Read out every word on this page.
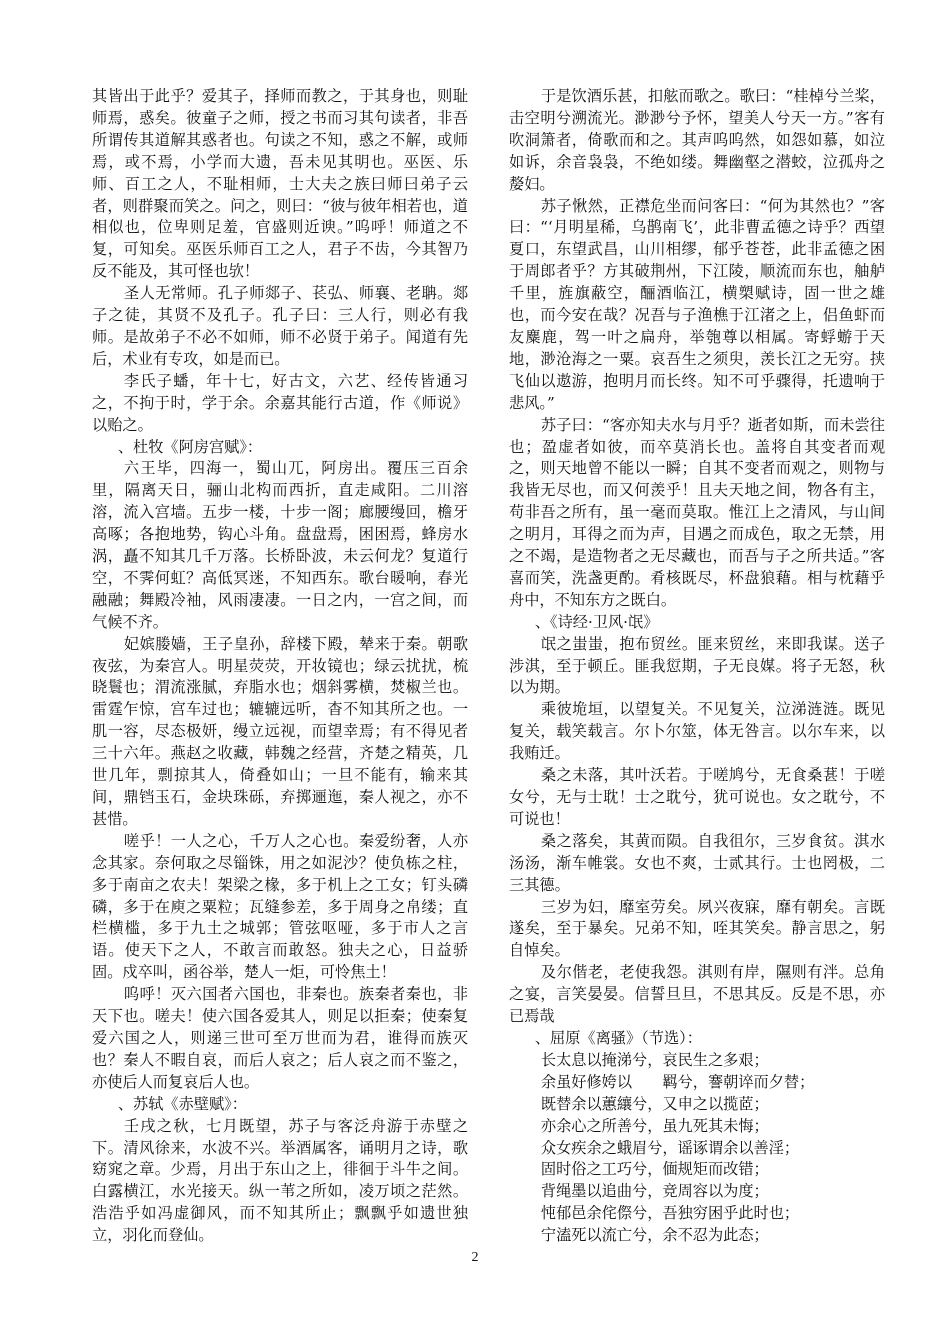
其皆出于此乎？爱其子，择师而教之，于其身也，则耻师焉，惑矣。彼童子之师，授之书而习其句读者，非吾所谓传其道解其惑者也。句读之不知，惑之不解，或师焉，或不焉，小学而大遗，吾未见其明也。巫医、乐师、百工之人，不耻相师，士大夫之族曰师曰弟子云者，则群聚而笑之。问之，则曰：“彼与彼年相若也，道相似也，位卑则足羞，官盛则近谀。”呜呼！师道之不复，可知矣。巫医乐师百工之人，君子不齿，今其智乃反不能及，其可怪也欤！

圣人无常师。孔子师郯子、苌弘、师襄、老聃。郯子之徒，其贤不及孔子。孔子曰：三人行，则必有我师。是故弟子不必不如师，师不必贤于弟子。闻道有先后，术业有专攻，如是而已。

李氏子蟠，年十七，好古文，六艺、经传皆通习之，不拘于时，学于余。余嘉其能行古道，作《师说》以贻之。

、杜牧《阿房宫赋》：

六王毕，四海一，蜀山兀，阿房出。覆压三百余里，隔离天日，骊山北构而西折，直走咸阳。二川溶溶，流入宫墙。五步一楼，十步一阁；廊腰缦回，檐牙高啄；各抱地势，钩心斗角。盘盘焉，困困焉，蜂房水涡，矗不知其几千万落。长桥卧波，未云何龙？复道行空，不霁何虹？高低冥迷，不知西东。歌台暖响，春光融融；舞殿冷袖，风雨凄凄。一日之内，一宫之间，而气候不齐。

妃嫔媵嫱，王子皇孙，辞楼下殿，辇来于秦。朝歌夜弦，为秦宫人。明星荧荧，开妆镜也；绿云扰扰，梳晓鬟也；渭流涨腻，弃脂水也；烟斜雾横，焚椒兰也。雷霆乍惊，宫车过也；辘辘远听，杳不知其所之也。一肌一容，尽态极妍，缦立远视，而望幸焉；有不得见者三十六年。燕赵之收藏，韩魏之经营，齐楚之精英，几世几年，剽掠其人，倚叠如山；一旦不能有，输来其间，鼎铛玉石，金块珠砾，弃掷逦迤，秦人视之，亦不甚惜。

嗟乎！一人之心，千万人之心也。秦爱纷奢，人亦念其家。奈何取之尽锱铢，用之如泥沙？使负栋之柱，多于南亩之农夫！架梁之椽，多于机上之工女；钉头磷磷，多于在庾之粟粒；瓦缝参差，多于周身之帛缕；直栏横槛，多于九土之城郭；管弦呕哑，多于市人之言语。使天下之人，不敢言而敢怒。独夫之心，日益骄固。戍卒叫，函谷举，楚人一炬，可怜焦土！

呜呼！灭六国者六国也，非秦也。族秦者秦也，非天下也。嗟夫！使六国各爱其人，则足以拒秦；使秦复爱六国之人，则递三世可至万世而为君，谁得而族灭也？秦人不暇自哀，而后人哀之；后人哀之而不鉴之，亦使后人而复哀后人也。

、苏轼《赤壁赋》：

壬戌之秋，七月既望，苏子与客泛舟游于赤壁之下。清风徐来，水波不兴。举酒属客，诵明月之诗，歌窈窕之章。少焉，月出于东山之上，徘徊于斗牛之间。白露横江，水光接天。纵一苇之所如，凌万顷之茫然。浩浩乎如冯虚御风，而不知其所止；飘飘乎如遗世独立，羽化而登仙。

于是饮酒乐甚，扣舷而歌之。歌曰：“桂棹兮兰桨，击空明兮溯流光。渺渺兮予怀，望美人兮天一方。”客有吹洞箫者，倚歌而和之。其声呜呜然，如怨如慕，如泣如诉，余音袅袅，不绝如缕。舞幽壑之潜蛟，泣孤舟之嫠妇。

苏子愀然，正襟危坐而问客曰：“何为其然也？”客曰：“‘月明星稀，乌鹊南飞’，此非曹孟德之诗乎？西望夏口，东望武昌，山川相缪，郁乎苍苍，此非孟德之困于周郎者乎？方其破荆州，下江陵，顺流而东也，舳舻千里，旌旗蔽空，酾酒临江，横槊赋诗，固一世之雄也，而今安在哉？况吾与子渔樵于江渚之上，侣鱼虾而友麋鹿，驾一叶之扁舟，举匏尊以相属。寄蜉蝣于天地，渺沧海之一粟。哀吾生之须臾，羡长江之无穷。挟飞仙以遨游，抱明月而长终。知不可乎骤得，托遗响于悲风。”

苏子曰：“客亦知夫水与月乎？逝者如斯，而未尝往也；盈虚者如彼，而卒莫消长也。盖将自其变者而观之，则天地曾不能以一瞬；自其不变者而观之，则物与我皆无尽也，而又何羡乎！且夫天地之间，物各有主，苟非吾之所有，虽一毫而莫取。惟江上之清风，与山间之明月，耳得之而为声，目遇之而成色，取之无禁，用之不竭，是造物者之无尽藏也，而吾与子之所共适。”客喜而笑，洗盏更酌。肴核既尽，杯盘狼藉。相与枕藉乎舟中，不知东方之既白。

、《诗经·卫风·氓》

氓之蚩蚩，抱布贸丝。匪来贸丝，来即我谋。送子涉淇，至于顿丘。匪我愆期，子无良媒。将子无怒，秋以为期。

乘彼垝垣，以望复关。不见复关，泣涕涟涟。既见复关，载笑载言。尔卜尔筮，体无咎言。以尔车来，以我贿迁。

桑之未落，其叶沃若。于嗟鸠兮，无食桑葚！于嗟女兮，无与士耽！士之耽兮，犹可说也。女之耽兮，不可说也！

桑之落矣，其黄而陨。自我徂尔，三岁食贫。淇水汤汤，渐车帷裳。女也不爽，士贰其行。士也罔极，二三其德。

三岁为妇，靡室劳矣。夙兴夜寐，靡有朝矣。言既遂矣，至于暴矣。兄弟不知，咥其笑矣。静言思之，躬自悼矣。

及尔偕老，老使我怨。淇则有岸，隰则有泮。总角之宴，言笑晏晏。信誓旦旦，不思其反。反是不思，亦已焉哉

、屈原《离骚》（节选）：
长太息以掩涕兮，哀民生之多艰；
余虽好修姱以　　羁兮，謇朝谇而夕替；
既替余以蕙纕兮，又申之以揽茝；
亦余心之所善兮，虽九死其未悔；
众女疾余之蛾眉兮，谣诼谓余以善淫；
固时俗之工巧兮，偭规矩而改错；
背绳墨以追曲兮，竞周容以为度；
忳郁邑余侘傺兮，吾独穷困乎此时也；
宁溘死以流亡兮，余不忍为此态；
2
